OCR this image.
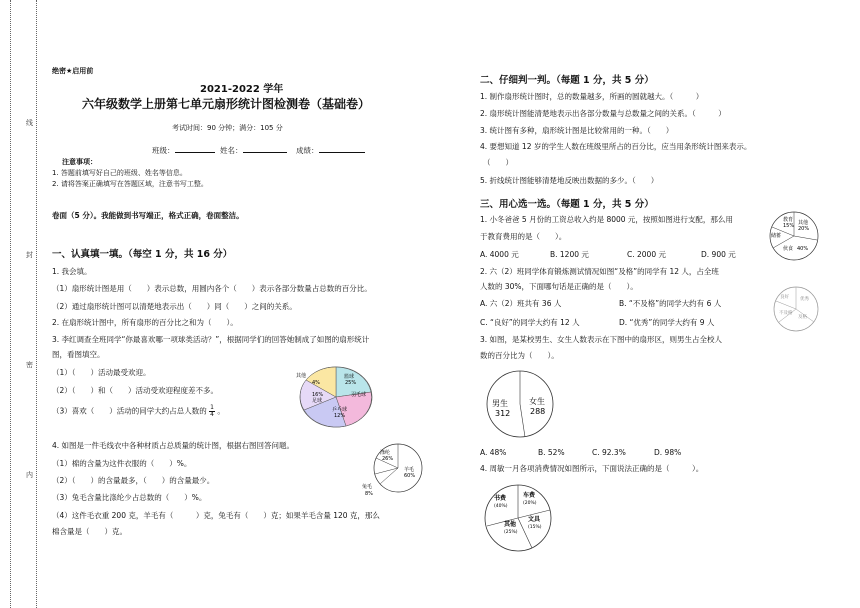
线
封
密
内
绝密★启用前
2021-2022 学年
六年级数学上册第七单元扇形统计图检测卷（基础卷）
考试时间：90 分钟；满分：105 分
班级：	姓名：	成绩：
注意事项：
1. 答题前填写好自己的班级、姓名等信息。
2. 请将答案正确填写在答题区域，注意书写工整。
卷面（5 分）。我能做到书写端正，格式正确，卷面整洁。
一、认真填一填。（每空 1 分，共 16 分）
1. 我会填。
（1）扇形统计图是用（　　）表示总数，用圆内各个（　　）表示各部分数量占总数的百分比。
（2）通过扇形统计图可以清楚地表示出（　　）同（　　）之间的关系。
2. 在扇形统计图中，所有扇形的百分比之和为（　　）。
3. 李红调查全班同学“你最喜欢哪一项球类活动？”，根据同学们的回答她制成了如图的扇形统计
图，看图填空。
（1）（　　）活动最受欢迎。
（2）（　　）和（　　）活动受欢迎程度差不多。
（3）喜欢（　　）活动的同学大约占总人数的 $\frac{1}{4}$ 。
篮球
25%
羽毛球
16%
足球
乒乓球
12%
其他
4%
4. 如图是一件毛线衣中各种材质占总质量的统计图，根据右图回答问题。
（1）棉的含量为这件衣服的（　　）%。
（2）（　　）的含量最多，（　　）的含量最少。
（3）兔毛含量比涤纶少占总数的（　　）%。
（4）这件毛衣重 200 克，羊毛有（　　　）克，兔毛有（　　）克；如果羊毛含量 120 克，那么
棉含量是（　　）克。
涤纶
26%
羊毛
60%
兔毛
8%
二、仔细判一判。（每题 1 分，共 5 分）
1. 制作扇形统计图时，总的数量越多，所画的圆就越大。（　　　）
2. 扇形统计图能清楚地表示出各部分数量与总数量之间的关系。（　　　）
3. 统计图有多种，扇形统计图是比较常用的一种。（　　）
4. 要想知道 12 岁的学生人数在班级里所占的百分比，应当用条形统计图来表示。
（　　）
5. 折线统计图能够清楚地反映出数据的多少。（　　）
三、用心选一选。（每题 1 分，共 5 分）
1. 小冬爸爸 5 月份的工资总收入约是 8000 元，按照如图进行支配，那么用
于教育费用的是（　　）。
A. 4000 元	B. 1200 元	C. 2000 元	D. 900 元
教育
15%
储蓄
其他
20%
伙食 40%
2. 六（2）班同学体育锻炼测试情况如图“及格”的同学有 12 人，占全班
人数的 30%，下面哪句话是正确的是（　　）。
A. 六（2）班共有 36 人	B. “不及格”的同学大约有 6 人
C. “良好”的同学大约有 12 人	D. “优秀”的同学大约有 9 人
优秀
良好
及格
不及格
3. 如图，是某校男生、女生人数表示在下图中的扇形区，则男生占全校人
数的百分比为（　　）。
男生
312
女生
288
A. 48%	B. 52%	C. 92.3%	D. 98%
4. 周敏一月各项消费情况如图所示，下面说法正确的是（　　　）。
书费
(40%)
车费
(20%)
文具
(15%)
其他
(25%)
